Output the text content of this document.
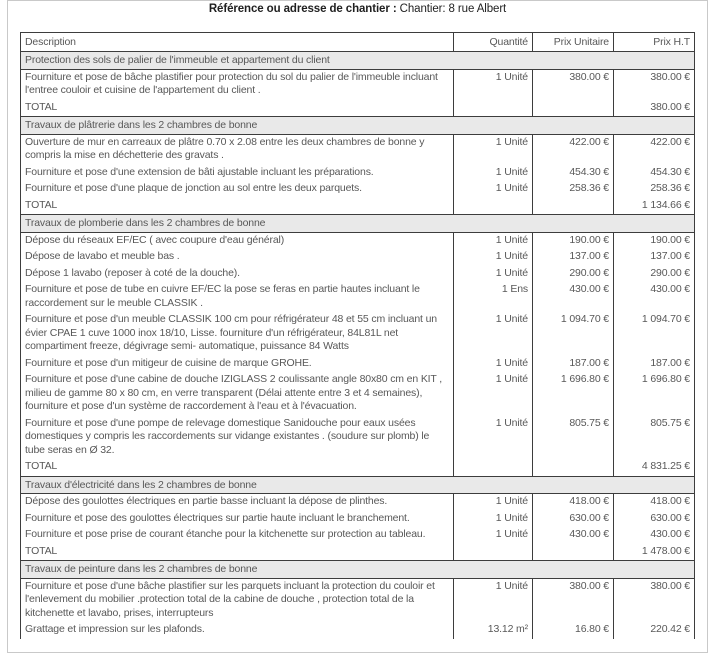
Référence ou adresse de chantier : Chantier: 8 rue Albert
Description	Quantité	Prix Unitaire	Prix H.T
Protection des sols de palier de l'immeuble et appartement du client			
Fourniture et pose de bâche plastifier pour protection du sol du palier de l'immeuble incluant l'entree couloir et cuisine de l'appartement du client .	1 Unité	380.00 €	380.00 €
TOTAL			380.00 €
Travaux de plâtrerie dans les 2 chambres de bonne			
Ouverture de mur en carreaux de plâtre 0.70 x 2.08 entre les deux chambres de bonne y compris la mise en déchetterie des gravats .	1 Unité	422.00 €	422.00 €
Fourniture et pose d'une extension de bâti ajustable incluant les préparations.	1 Unité	454.30 €	454.30 €
Fourniture et pose d'une plaque de jonction au sol entre les deux parquets.	1 Unité	258.36 €	258.36 €
TOTAL			1 134.66 €
Travaux de plomberie dans les 2 chambres de bonne			
Dépose du réseaux EF/EC ( avec coupure d'eau général)	1 Unité	190.00 €	190.00 €
Dépose de lavabo et meuble bas .	1 Unité	137.00 €	137.00 €
Dépose 1 lavabo (reposer à coté de la douche).	1 Unité	290.00 €	290.00 €
Fourniture et pose de tube en cuivre EF/EC la pose se feras en partie hautes incluant le raccordement sur le meuble CLASSIK .	1 Ens	430.00 €	430.00 €
Fourniture et pose d'un meuble CLASSIK 100 cm pour réfrigérateur 48 et 55 cm incluant un évier CPAE 1 cuve 1000 inox 18/10, Lisse. fourniture d'un réfrigérateur, 84L81L net compartiment freeze, dégivrage semi- automatique, puissance 84 Watts	1 Unité	1 094.70 €	1 094.70 €
Fourniture et pose d'un mitigeur de cuisine de marque GROHE.	1 Unité	187.00 €	187.00 €
Fourniture et pose d'une cabine de douche IZIGLASS 2 coulissante angle 80x80 cm en KIT , milieu de gamme 80 x 80 cm, en verre transparent (Délai attente entre 3 et 4 semaines), fourniture et pose d'un système de raccordement à l'eau et à l'évacuation.	1 Unité	1 696.80 €	1 696.80 €
Fourniture et pose d'une pompe de relevage domestique Sanidouche pour eaux usées domestiques y compris les raccordements sur vidange existantes . (soudure sur plomb) le tube seras en Ø 32.	1 Unité	805.75 €	805.75 €
TOTAL			4 831.25 €
Travaux d'électricité dans les 2 chambres de bonne			
Dépose des goulottes électriques en partie basse incluant la dépose de plinthes.	1 Unité	418.00 €	418.00 €
Fourniture et pose des goulottes électriques sur partie haute incluant le branchement.	1 Unité	630.00 €	630.00 €
Fourniture et pose prise de courant étanche pour la kitchenette sur protection au tableau.	1 Unité	430.00 €	430.00 €
TOTAL			1 478.00 €
Travaux de peinture dans les 2 chambres de bonne			
Fourniture et pose d'une bâche plastifier sur les parquets incluant la protection du couloir et l'enlevement du mobilier .protection total de la cabine de douche , protection total de la kitchenette et lavabo, prises, interrupteurs	1 Unité	380.00 €	380.00 €
Grattage et impression sur les plafonds.	13.12 m²	16.80 €	220.42 €
